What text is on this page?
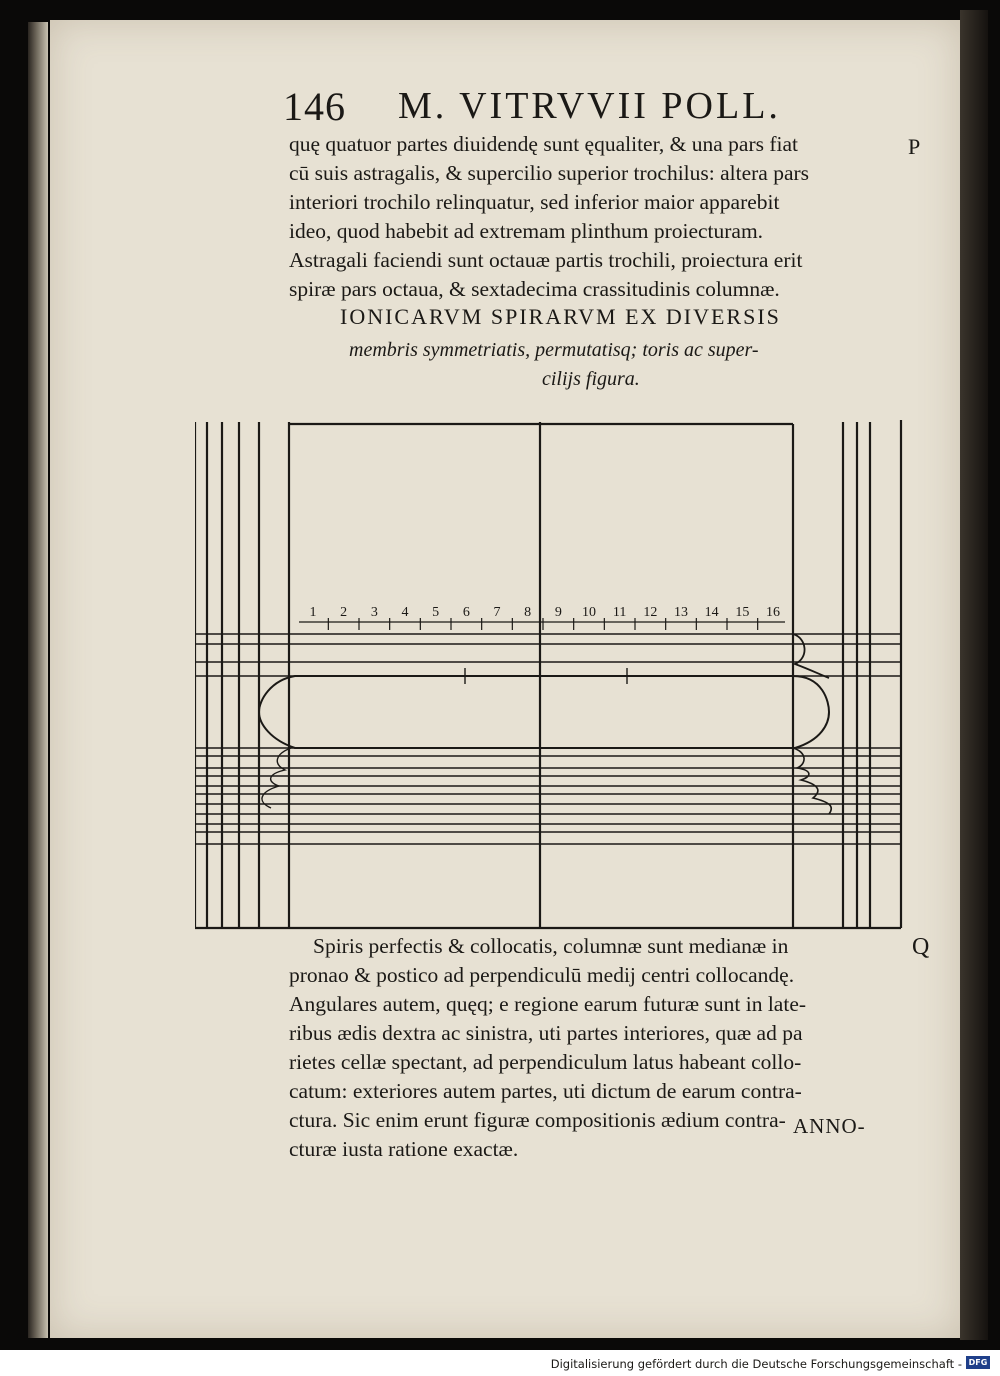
146 M. VITRVVII POLL.
quę quatuor partes diuidendę sunt ęqualiter, & una pars fiat
cū suis astragalis, & supercilio superior trochilus: altera pars
interiori trochilo relinquatur, sed inferior maior apparebit
ideo, quod habebit ad extremam plinthum proiecturam.
Astragali faciendi sunt octauæ partis trochili, proiectura erit
spiræ pars octaua, & sextadecima crassitudinis columnæ.
P
IONICARVM SPIRARVM EX DIVERSIS
membris symmetriatis, permutatisq; toris ac super-
cilijs figura.
1 2 3 4 5 6 7 8 9 10 11 12 13 14 15 16
Spiris perfectis & collocatis, columnæ sunt medianæ in
pronao & postico ad perpendiculū medij centri collocandę.
Angulares autem, quęq; e regione earum futuræ sunt in late-
ribus ædis dextra ac sinistra, uti partes interiores, quæ ad pa
rietes cellæ spectant, ad perpendiculum latus habeant collo-
catum: exteriores autem partes, uti dictum de earum contra-
ctura. Sic enim erunt figuræ compositionis ædium contra-
cturæ iusta ratione exactæ.
Q
ANNO-
Digitalisierung gefördert durch die Deutsche Forschungsgemeinschaft - DFG
